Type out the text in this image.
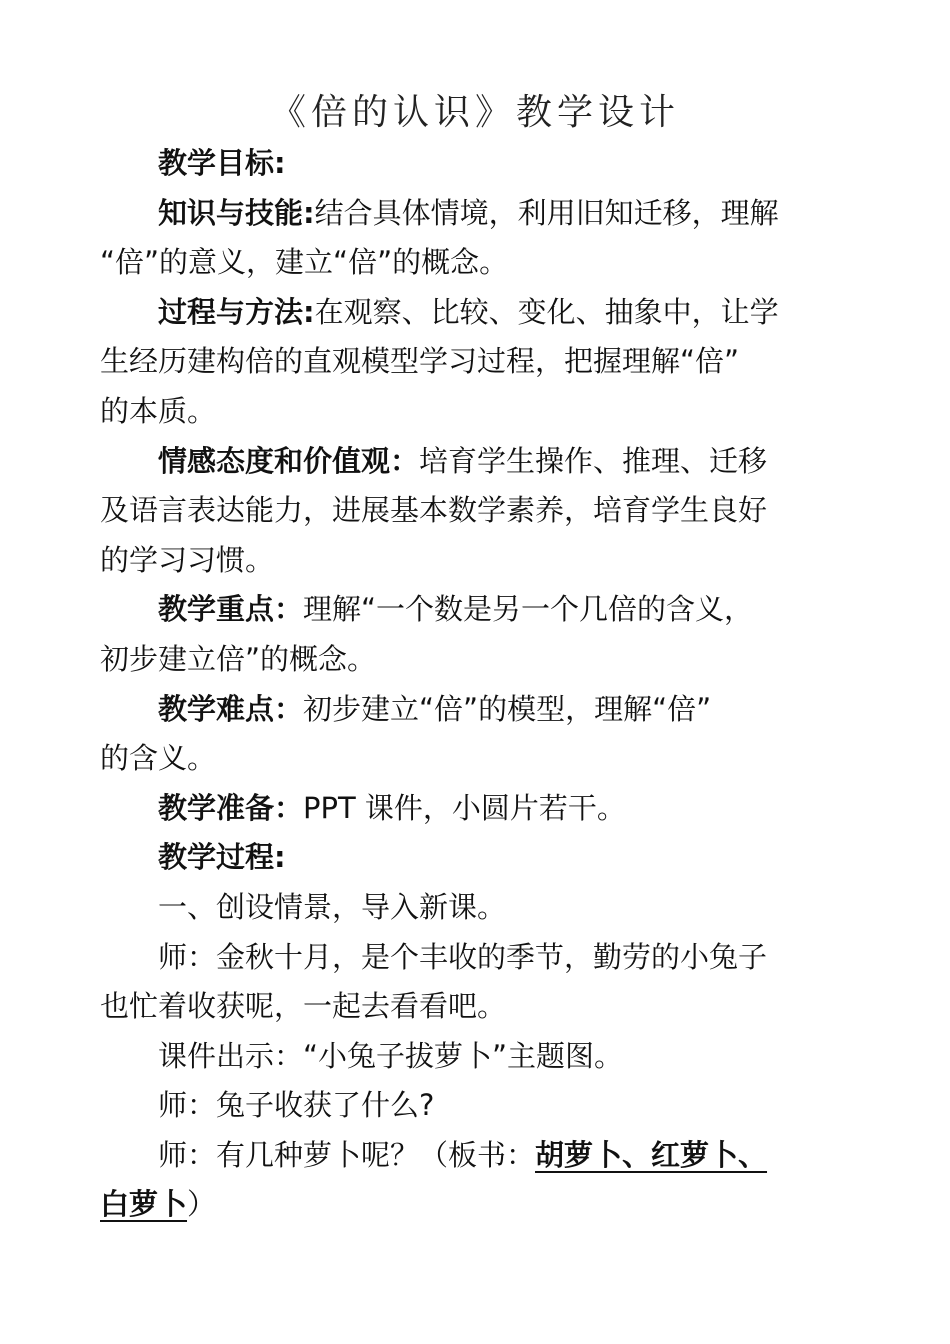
《倍的认识》教学设计

教学目标:

知识与技能:结合具体情境，利用旧知迁移，理解

“倍”的意义，建立“倍”的概念。

过程与方法:在观察、比较、变化、抽象中，让学

生经历建构倍的直观模型学习过程，把握理解“倍”

的本质。

情感态度和价值观：培育学生操作、推理、迁移

及语言表达能力，进展基本数学素养，培育学生良好

的学习习惯。

教学重点：理解“一个数是另一个几倍的含义，

初步建立倍”的概念。

教学难点：初步建立“倍”的模型，理解“倍”

的含义。

教学准备：PPT 课件，小圆片若干。

教学过程:

一、创设情景，导入新课。

师：金秋十月，是个丰收的季节，勤劳的小兔子

也忙着收获呢，一起去看看吧。

课件出示：“小兔子拔萝卜”主题图。

师：兔子收获了什么?

师：有几种萝卜呢？（板书：胡萝卜、红萝卜、

白萝卜）
